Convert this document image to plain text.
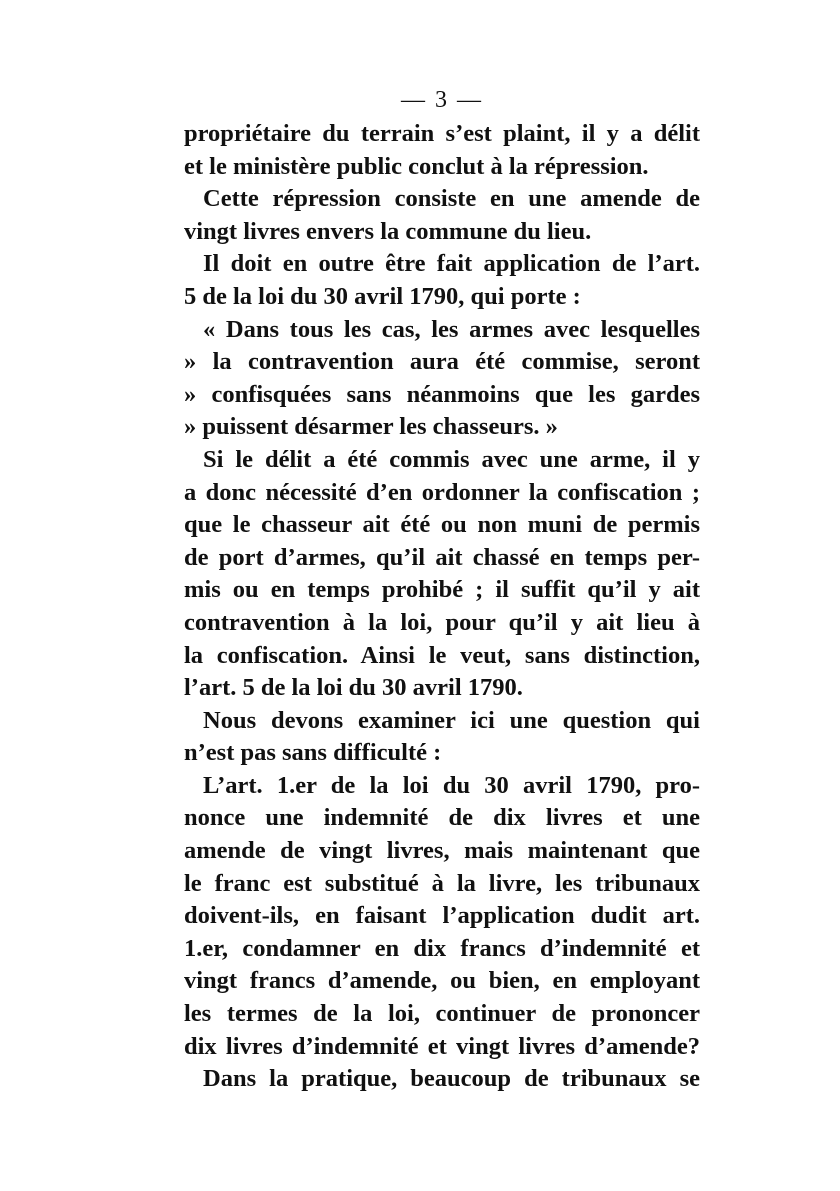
— 3 —
propriétaire du terrain s’est plaint, il y a délit
et le ministère public conclut à la répression.
Cette répression consiste en une amende de
vingt livres envers la commune du lieu.
Il doit en outre être fait application de l’art.
5 de la loi du 30 avril 1790, qui porte :
« Dans tous les cas, les armes avec lesquelles
» la contravention aura été commise, seront
» confisquées sans néanmoins que les gardes
» puissent désarmer les chasseurs. »
Si le délit a été commis avec une arme, il y
a donc nécessité d’en ordonner la confiscation ;
que le chasseur ait été ou non muni de permis
de port d’armes, qu’il ait chassé en temps per-
mis ou en temps prohibé ; il suffit qu’il y ait
contravention à la loi, pour qu’il y ait lieu à
la confiscation. Ainsi le veut, sans distinction,
l’art. 5 de la loi du 30 avril 1790.
Nous devons examiner ici une question qui
n’est pas sans difficulté :
L’art. 1.er de la loi du 30 avril 1790, pro-
nonce une indemnité de dix livres et une
amende de vingt livres, mais maintenant que
le franc est substitué à la livre, les tribunaux
doivent-ils, en faisant l’application dudit art.
1.er, condamner en dix francs d’indemnité et
vingt francs d’amende, ou bien, en employant
les termes de la loi, continuer de prononcer
dix livres d’indemnité et vingt livres d’amende?
Dans la pratique, beaucoup de tribunaux se
